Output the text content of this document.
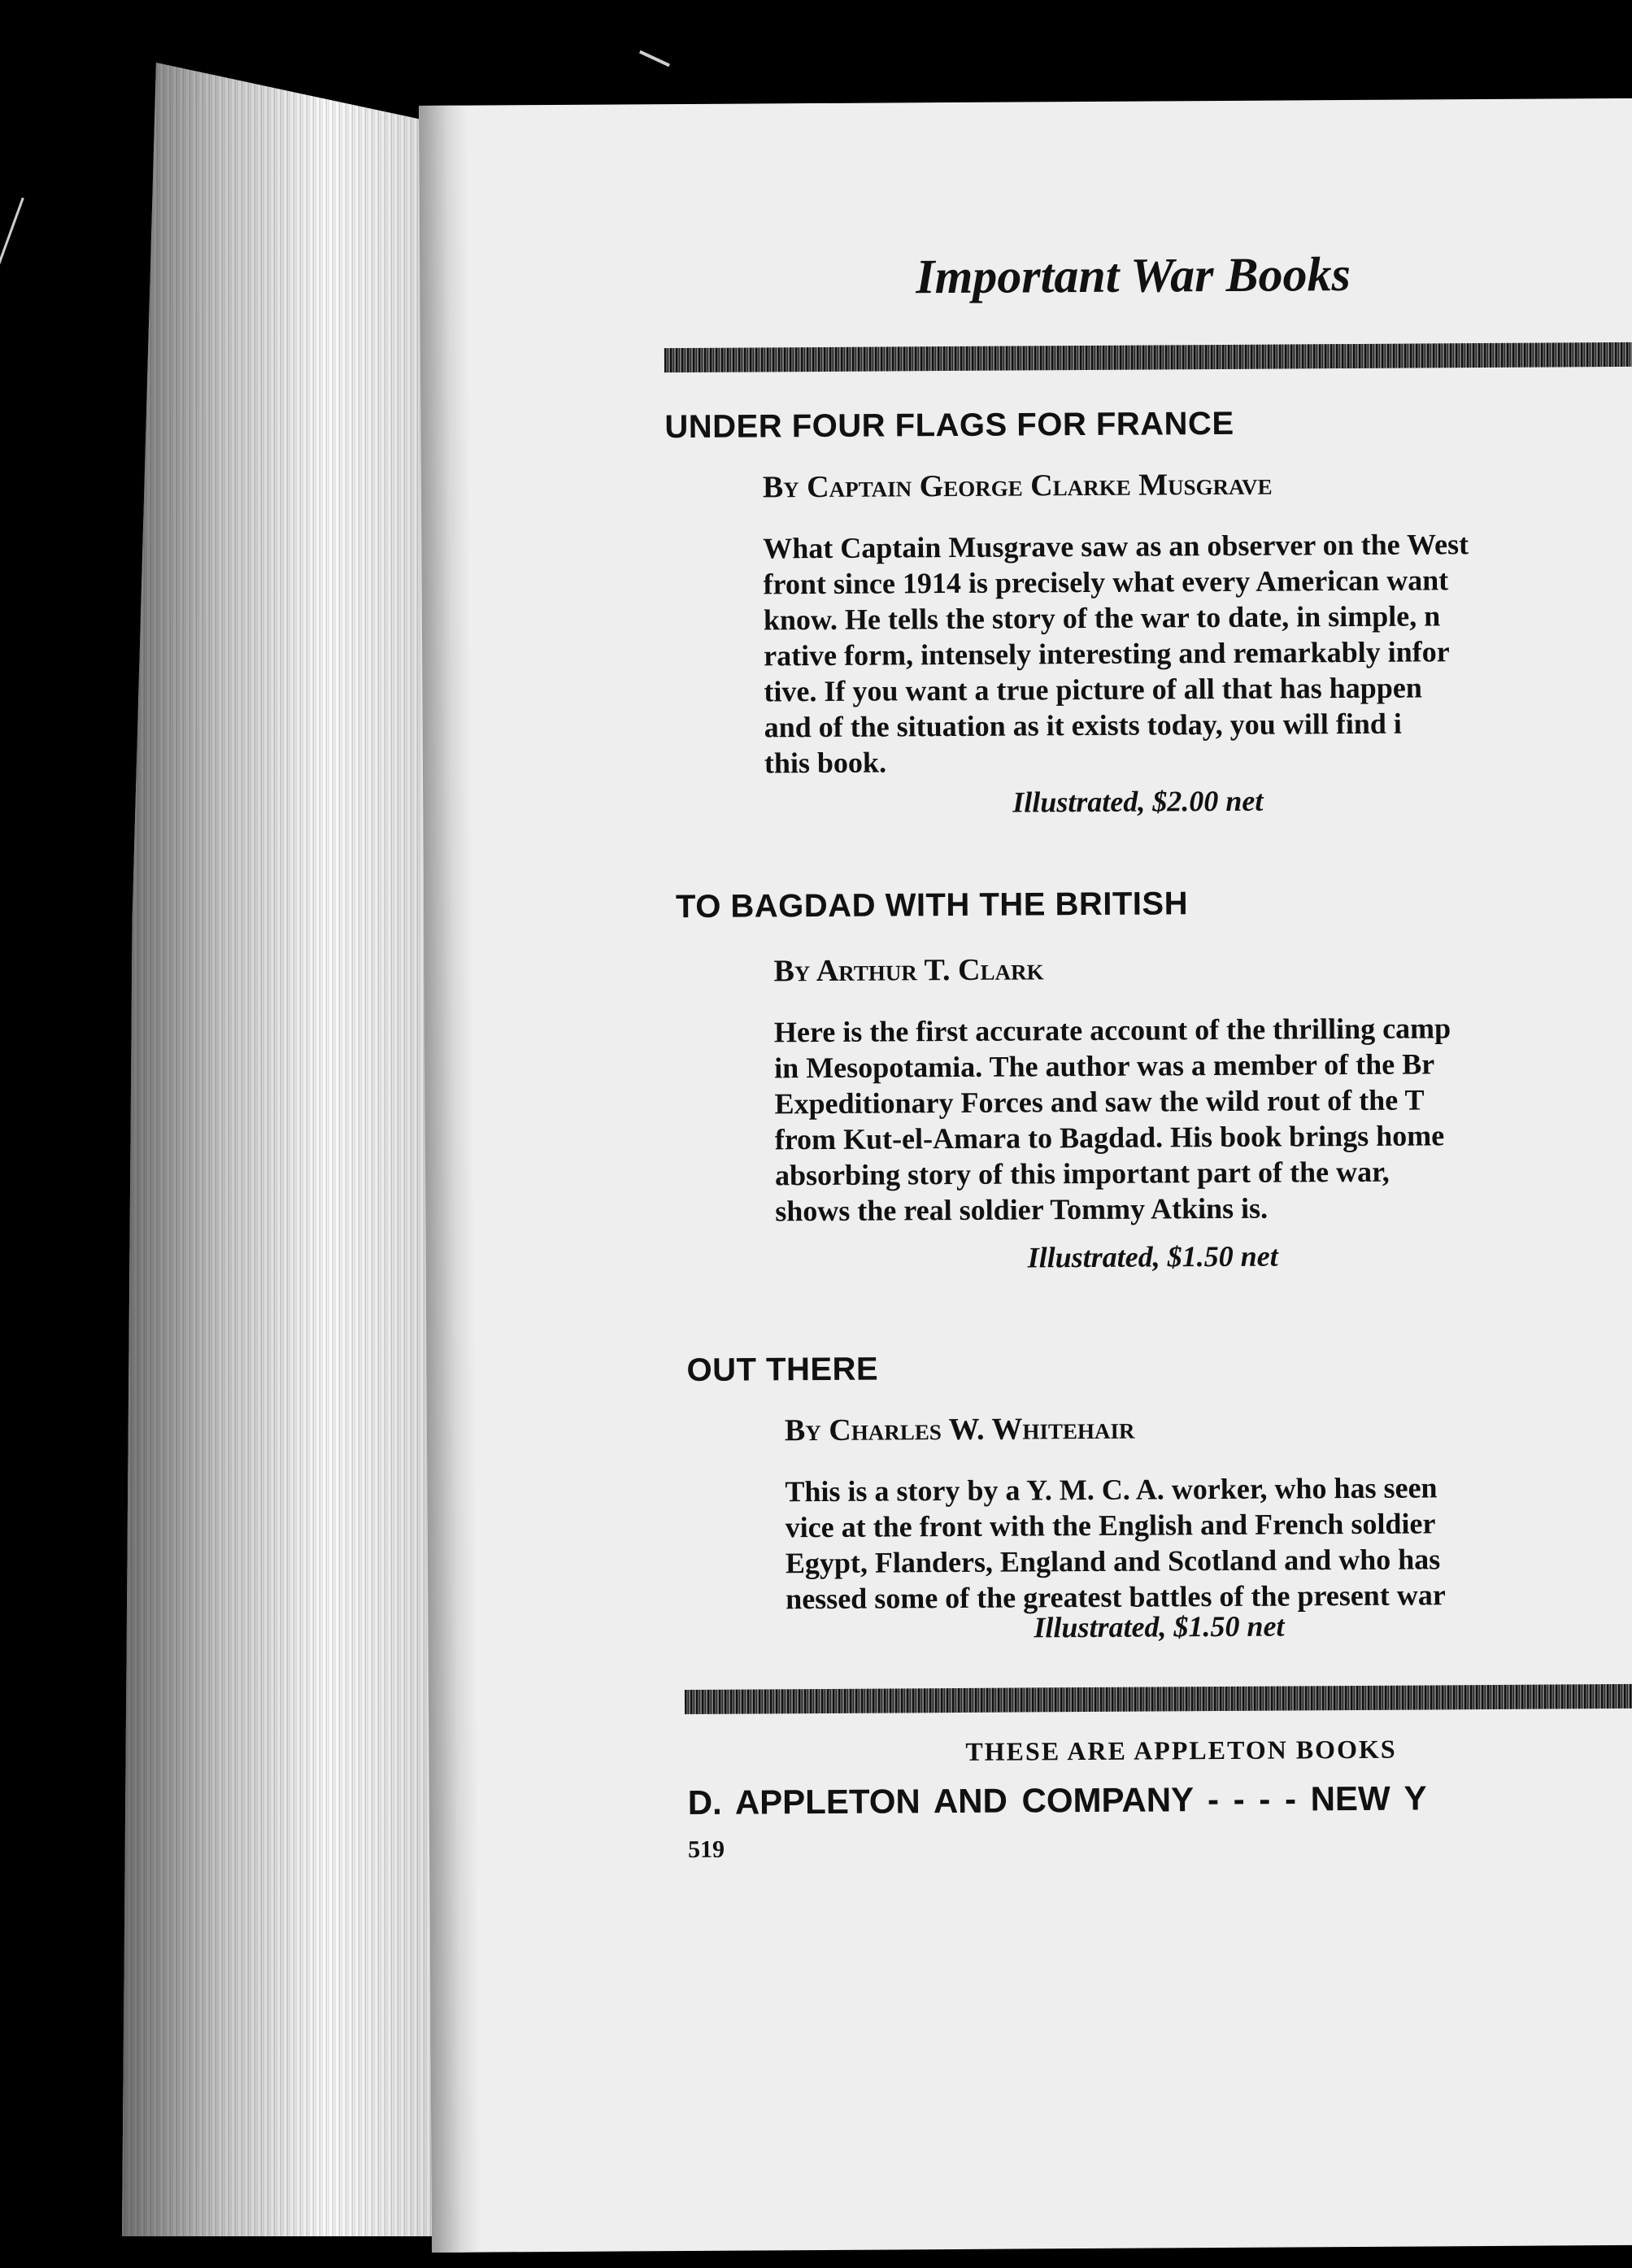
Important War Books
UNDER FOUR FLAGS FOR FRANCE
By Captain George Clarke Musgrave
What Captain Musgrave saw as an observer on the West
front since 1914 is precisely what every American want
know. He tells the story of the war to date, in simple, n
rative form, intensely interesting and remarkably infor
tive. If you want a true picture of all that has happen
and of the situation as it exists today, you will find i
this book.
Illustrated, $2.00 net
TO BAGDAD WITH THE BRITISH
By Arthur T. Clark
Here is the first accurate account of the thrilling camp
in Mesopotamia. The author was a member of the Br
Expeditionary Forces and saw the wild rout of the T
from Kut-el-Amara to Bagdad. His book brings home
absorbing story of this important part of the war,
shows the real soldier Tommy Atkins is.
Illustrated, $1.50 net
OUT THERE
By Charles W. Whitehair
This is a story by a Y. M. C. A. worker, who has seen
vice at the front with the English and French soldier
Egypt, Flanders, England and Scotland and who has
nessed some of the greatest battles of the present war
Illustrated, $1.50 net
THESE ARE APPLETON BOOKS
D. APPLETON AND COMPANY - - - - NEW Y
519
